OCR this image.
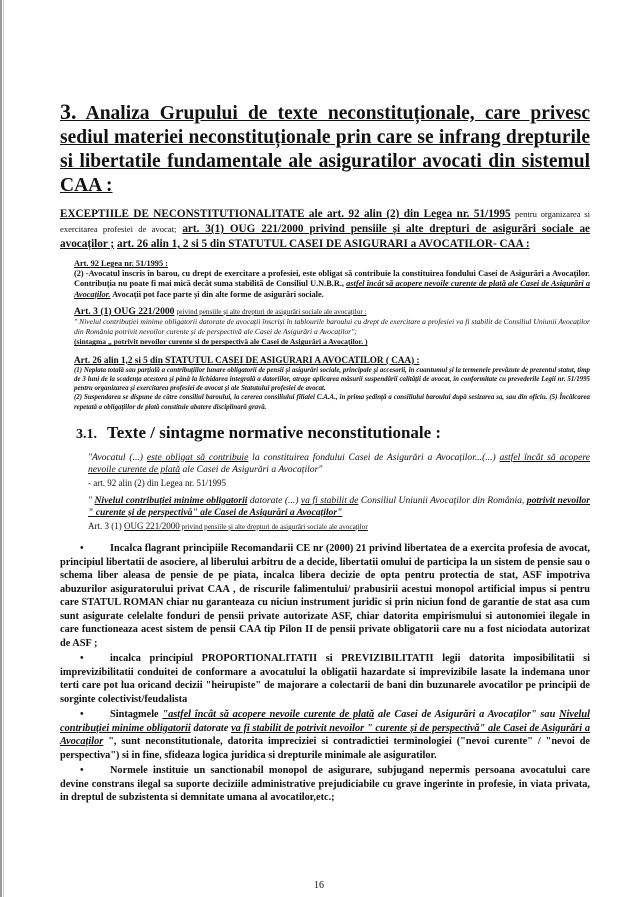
3. Analiza Grupului de texte neconstituționale, care privesc sediul materiei neconstituționale prin care se infrang drepturile si libertatile fundamentale ale asiguratilor avocati din sistemul CAA :
EXCEPTIILE DE NECONSTITUTIONALITATE ale art. 92 alin (2) din Legea nr. 51/1995 pentru organizarea si exercitarea profesiei de avocat; art. 3(1) OUG 221/2000 privind pensiile și alte drepturi de asigurări sociale ae avocaților ; art. 26 alin 1, 2 si 5 din STATUTUL CASEI DE ASIGURARI a AVOCATILOR- CAA :
Art. 92 Legea nr. 51/1995 :
(2) -Avocatul înscris în barou, cu drept de exercitare a profesiei, este obligat să contribuie la constituirea fondului Casei de Asigurări a Avocaților. Contribuția nu poate fi mai mică decât suma stabilită de Consiliul U.N.B.R., astfel încât să acopere nevoile curente de plată ale Casei de Asigurări a Avocaților. Avocații pot face parte și din alte forme de asigurări sociale.
Art. 3 (1) OUG 221/2000 privind pensiile și alte drepturi de asigurări sociale ale avocaților :
" Nivelul contribuției minime obligatorii datorate de avocații înscriși în tablourile baroului cu drept de exercitare a profesiei va fi stabilit de Consiliul Uniunii Avocaților din România potrivit nevoilor curente și de perspectivă ale Casei de Asigurări a Avocaților";
(sintagma „ potrivit nevoilor curente si de perspectivă ale Casei de Asigurări a Avocaților. )
Art. 26 alin 1,2 si 5 din STATUTUL CASEI DE ASIGURARI A AVOCATILOR ( CAA) :
(1) Neplata totală sau parțială a contribuțiilor lunare obligatorii de pensii și asigurări sociale, principale și accesorii, în cuantumul și la termenele prevăzute de prezentul statut, timp de 3 luni de la scadența acestora și până la lichidarea integrală a datoriilor, atrage aplicarea măsurii suspendării calității de avocat, în conformitate cu prevederile Legii nr. 51/1995 pentru organizarea și exercitarea profesiei de avocat și ale Statutului profesiei de avocat.
(2) Suspendarea se dispune de către consiliul baroului, la cererea consiliului filialei C.A.A., în prima ședință a consiliului baroului după sesizarea sa, sau din oficiu. (5) Încălcarea repetată a obligațiilor de plată constituie abatere disciplinară gravă.
3.1. Texte / sintagme normative neconstitutionale :
"Avocatul (...) este obligat să contribuie la constituirea fondului Casei de Asigurări a Avocaților...(...) astfel încât să acopere nevoile curente de plată ale Casei de Asigurări a Avocaților"
- art. 92 alin (2) din Legea nr. 51/1995
" Nivelul contribuției minime obligatorii datorate (...) va fi stabilit de Consiliul Uniunii Avocaților din România, potrivit nevoilor " curente și de perspectivă" ale Casei de Asigurări a Avocaților"
Art. 3 (1) OUG 221/2000 privind pensiile și alte drepturi de asigurări sociale ale avocaților
•	Incalca flagrant principiile Recomandarii CE nr (2000) 21 privind libertatea de a exercita profesia de avocat, principiul libertatii de asociere, al liberului arbitru de a decide, libertatii omului de participa la un sistem de pensie sau o schema liber aleasa de pensie de pe piata, incalca libera decizie de opta pentru protectia de stat, ASF impotriva abuzurilor asiguratorului privat CAA , de riscurile falimentului/ prabusirii acestui monopol artificial impus si pentru care STATUL ROMAN chiar nu garanteaza cu niciun instrument juridic si prin niciun fond de garantie de stat asa cum sunt asigurate celelalte fonduri de pensii private autorizate ASF, chiar datorita empirismului si autonomiei ilegale in care functioneaza acest sistem de pensii CAA tip Pilon II de pensii private obligatorii care nu a fost niciodata autorizat de ASF ;
•	incalca principiul PROPORTIONALITATII si PREVIZIBILITATII legii datorita imposibilitatii si imprevizibilitatii conduitei de conformare a avocatului la obligatii hazardate si imprevizibile lasate la indemana unor terti care pot lua oricand decizii "heirupiste" de majorare a colectarii de bani din buzunarele avocatilor pe principii de sorginte colectivist/feudalista
•	Sintagmele "astfel încât să acopere nevoile curente de plată ale Casei de Asigurări a Avocaților" sau Nivelul contribuției minime obligatorii datorate va fi stabilit de potrivit nevoilor " curente și de perspectivă" ale Casei de Asigurări a Avocaților ", sunt neconstitutionale, datorita impreciziei si contradictiei terminologiei ("nevoi curente" / "nevoi de perspectiva") si in fine, sfideaza logica juridica si drepturile minimale ale asiguratilor.
•	Normele instituie un sanctionabil monopol de asigurare, subjugand nepermis persoana avocatului care devine constrans ilegal sa suporte deciziile administrative prejudiciabile cu grave ingerinte in profesie, in viata privata, in dreptul de subzistenta si demnitate umana al avocatilor,etc.;
16
